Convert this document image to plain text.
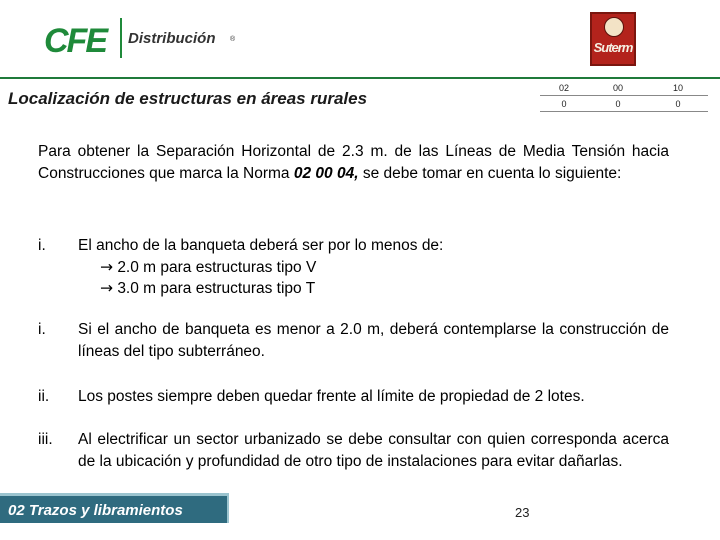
CFE Distribución ®
Suterm
Localización de estructuras en áreas rurales
02	00	10
0	0	0
Para obtener la Separación Horizontal de 2.3 m. de las Líneas de Media Tensión hacia Construcciones que marca la Norma 02 00 04, se debe tomar en cuenta lo siguiente:
i. El ancho de la banqueta deberá ser por lo menos de:
→ 2.0 m para estructuras tipo V
→ 3.0 m para estructuras tipo T
i. Si el ancho de banqueta es menor a 2.0 m, deberá contemplarse la construcción de líneas del tipo subterráneo.
ii. Los postes siempre deben quedar frente al límite de propiedad de 2 lotes.
iii. Al electrificar un sector urbanizado se debe consultar con quien corresponda acerca de la ubicación y profundidad de otro tipo de instalaciones para evitar dañarlas.
02 Trazos y libramientos	23
